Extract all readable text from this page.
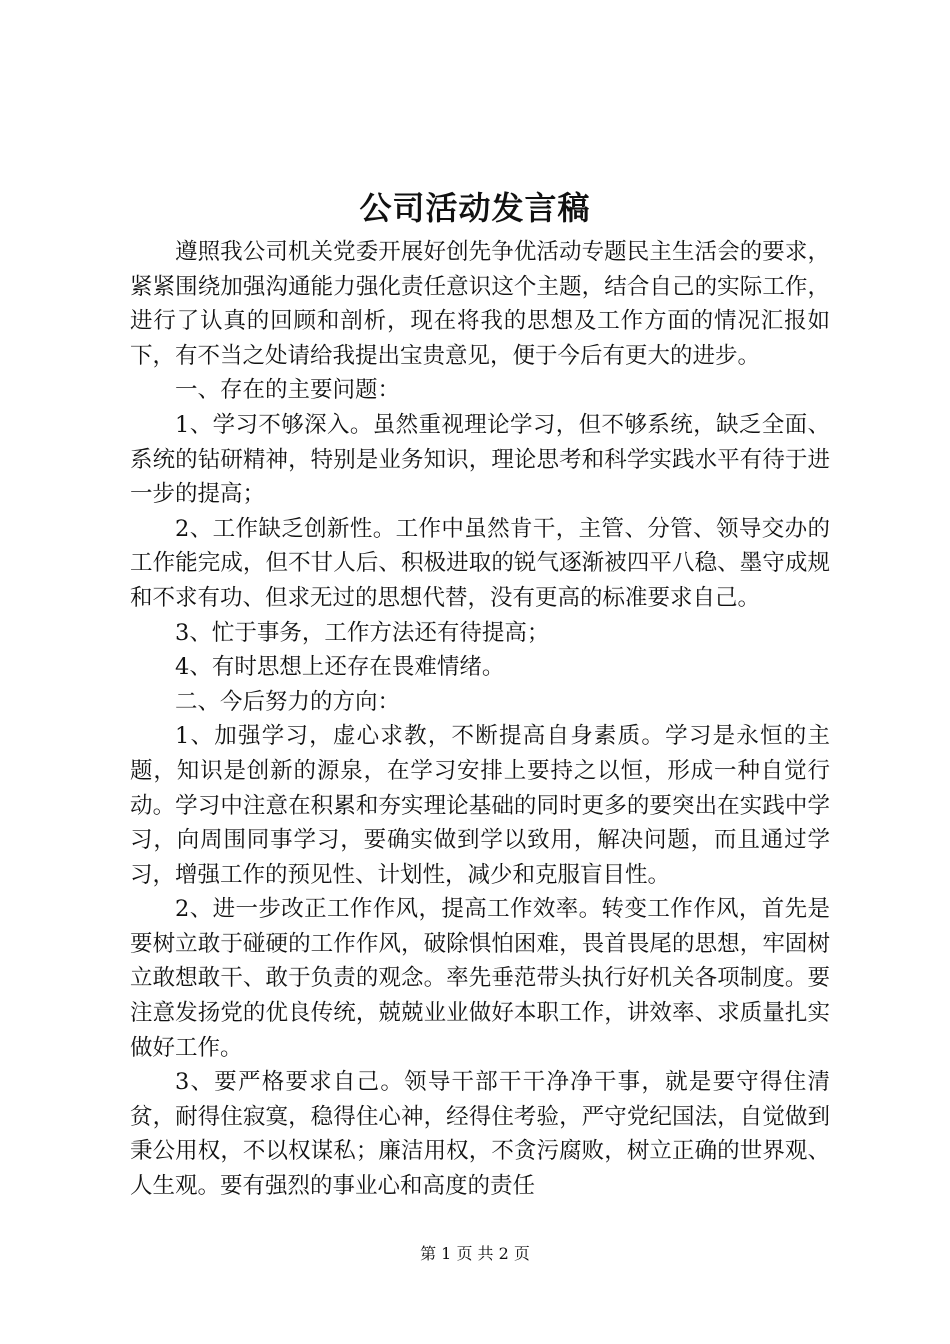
公司活动发言稿

遵照我公司机关党委开展好创先争优活动专题民主生活会的要求，紧紧围绕加强沟通能力强化责任意识这个主题，结合自己的实际工作，进行了认真的回顾和剖析，现在将我的思想及工作方面的情况汇报如下，有不当之处请给我提出宝贵意见，便于今后有更大的进步。

一、存在的主要问题：

1、学习不够深入。虽然重视理论学习，但不够系统，缺乏全面、系统的钻研精神，特别是业务知识，理论思考和科学实践水平有待于进一步的提高；

2、工作缺乏创新性。工作中虽然肯干，主管、分管、领导交办的工作能完成，但不甘人后、积极进取的锐气逐渐被四平八稳、墨守成规和不求有功、但求无过的思想代替，没有更高的标准要求自己。

3、忙于事务，工作方法还有待提高；

4、有时思想上还存在畏难情绪。

二、今后努力的方向：

1、加强学习，虚心求教，不断提高自身素质。学习是永恒的主题，知识是创新的源泉，在学习安排上要持之以恒，形成一种自觉行动。学习中注意在积累和夯实理论基础的同时更多的要突出在实践中学习，向周围同事学习，要确实做到学以致用，解决问题，而且通过学习，增强工作的预见性、计划性，减少和克服盲目性。

2、进一步改正工作作风，提高工作效率。转变工作作风，首先是要树立敢于碰硬的工作作风，破除惧怕困难，畏首畏尾的思想，牢固树立敢想敢干、敢于负责的观念。率先垂范带头执行好机关各项制度。要注意发扬党的优良传统，兢兢业业做好本职工作，讲效率、求质量扎实做好工作。

3、要严格要求自己。领导干部干干净净干事，就是要守得住清贫，耐得住寂寞，稳得住心神，经得住考验，严守党纪国法，自觉做到秉公用权，不以权谋私；廉洁用权，不贪污腐败，树立正确的世界观、人生观。要有强烈的事业心和高度的责任

第 1 页 共 2 页
